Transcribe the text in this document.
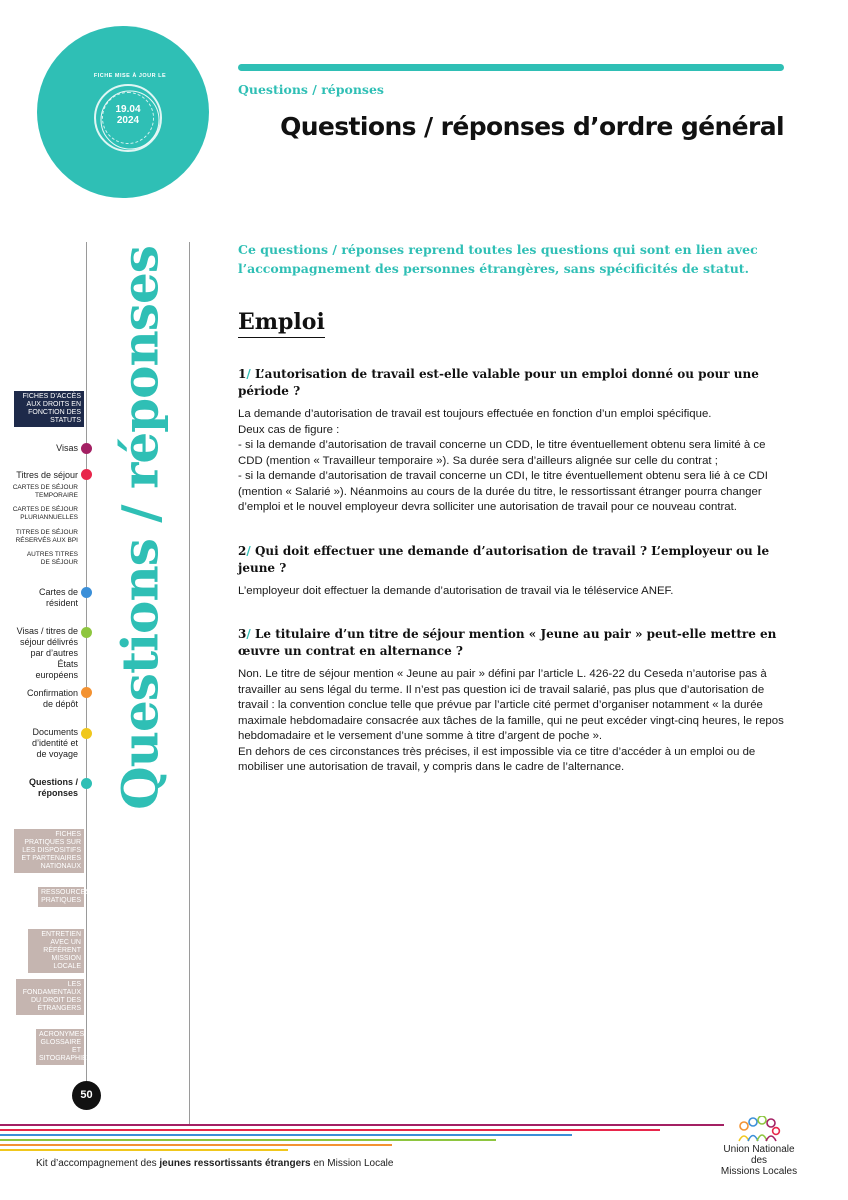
19.04
2024
FICHE MISE À JOUR LE
Questions / réponses
Questions / réponses d’ordre général
Questions / réponses
FICHES D’ACCÈS AUX DROITS EN FONCTION DES STATUTS
Visas
Titres de séjour
CARTES DE SÉJOUR TEMPORAIRE
CARTES DE SÉJOUR PLURIANNUELLES
TITRES DE SÉJOUR RÉSERVÉS AUX BPI
AUTRES TITRES DE SÉJOUR
Cartes de résident
Visas / titres de séjour délivrés par d’autres États européens
Confirmation de dépôt
Documents d’identité et de voyage
Questions / réponses
FICHES PRATIQUES SUR LES DISPOSITIFS ET PARTENAIRES NATIONAUX
RESSOURCES PRATIQUES
ENTRETIEN AVEC UN RÉFÉRENT MISSION LOCALE
LES FONDAMENTAUX DU DROIT DES ÉTRANGERS
ACRONYMES, GLOSSAIRE ET SITOGRAPHIE
50

Ce questions / réponses reprend toutes les questions qui sont en lien avec l’accompagnement des personnes étrangères, sans spécificités de statut.

Emploi
1/ L’autorisation de travail est-elle valable pour un emploi donné ou pour une période ?

La demande d’autorisation de travail est toujours effectuée en fonction d’un emploi spécifique.

Deux cas de figure :

- si la demande d’autorisation de travail concerne un CDD, le titre éventuellement obtenu sera limité à ce CDD (mention « Travailleur temporaire »). Sa durée sera d’ailleurs alignée sur celle du contrat ;

- si la demande d’autorisation de travail concerne un CDI, le titre éventuellement obtenu sera lié à ce CDI (mention « Salarié »). Néanmoins au cours de la durée du titre, le ressortissant étranger pourra changer d’emploi et le nouvel employeur devra solliciter une autorisation de travail pour ce nouveau contrat.

2/ Qui doit effectuer une demande d’autorisation de travail ? L’employeur ou le jeune ?

L’employeur doit effectuer la demande d’autorisation de travail via le téléservice ANEF.

3/ Le titulaire d’un titre de séjour mention « Jeune au pair » peut-elle mettre en œuvre un contrat en alternance ?

Non. Le titre de séjour mention « Jeune au pair » défini par l’article L. 426-22 du Ceseda n’autorise pas à travailler au sens légal du terme. Il n’est pas question ici de travail salarié, pas plus que d’autorisation de travail : la convention conclue telle que prévue par l’article cité permet d’organiser notamment « la durée maximale hebdomadaire consacrée aux tâches de la famille, qui ne peut excéder vingt-cinq heures, le repos hebdomadaire et le versement d’une somme à titre d’argent de poche ».

En dehors de ces circonstances très précises, il est impossible via ce titre d’accéder à un emploi ou de mobiliser une autorisation de travail, y compris dans le cadre de l’alternance.

Kit d’accompagnement des jeunes ressortissants étrangers en Mission Locale
Union Nationale des
Missions Locales
